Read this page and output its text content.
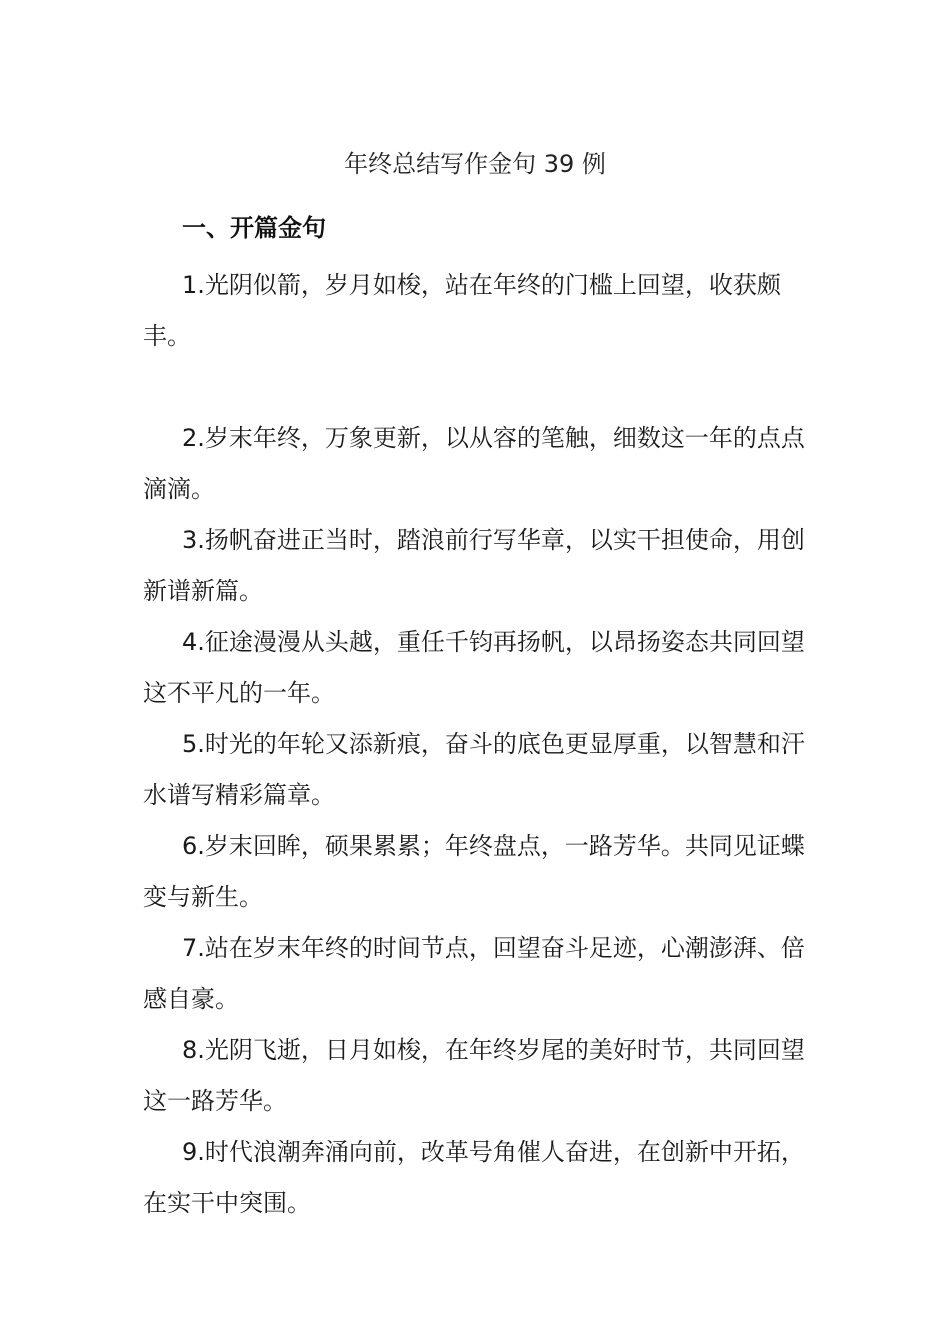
年终总结写作金句 39 例
一、开篇金句

1.光阴似箭，岁月如梭，站在年终的门槛上回望，收获颇丰。

2.岁末年终，万象更新，以从容的笔触，细数这一年的点点滴滴。

3.扬帆奋进正当时，踏浪前行写华章，以实干担使命，用创新谱新篇。

4.征途漫漫从头越，重任千钧再扬帆，以昂扬姿态共同回望这不平凡的一年。

5.时光的年轮又添新痕，奋斗的底色更显厚重，以智慧和汗水谱写精彩篇章。

6.岁末回眸，硕果累累；年终盘点，一路芳华。共同见证蝶变与新生。

7.站在岁末年终的时间节点，回望奋斗足迹，心潮澎湃、倍感自豪。

8.光阴飞逝，日月如梭，在年终岁尾的美好时节，共同回望这一路芳华。

9.时代浪潮奔涌向前，改革号角催人奋进，在创新中开拓，在实干中突围。
